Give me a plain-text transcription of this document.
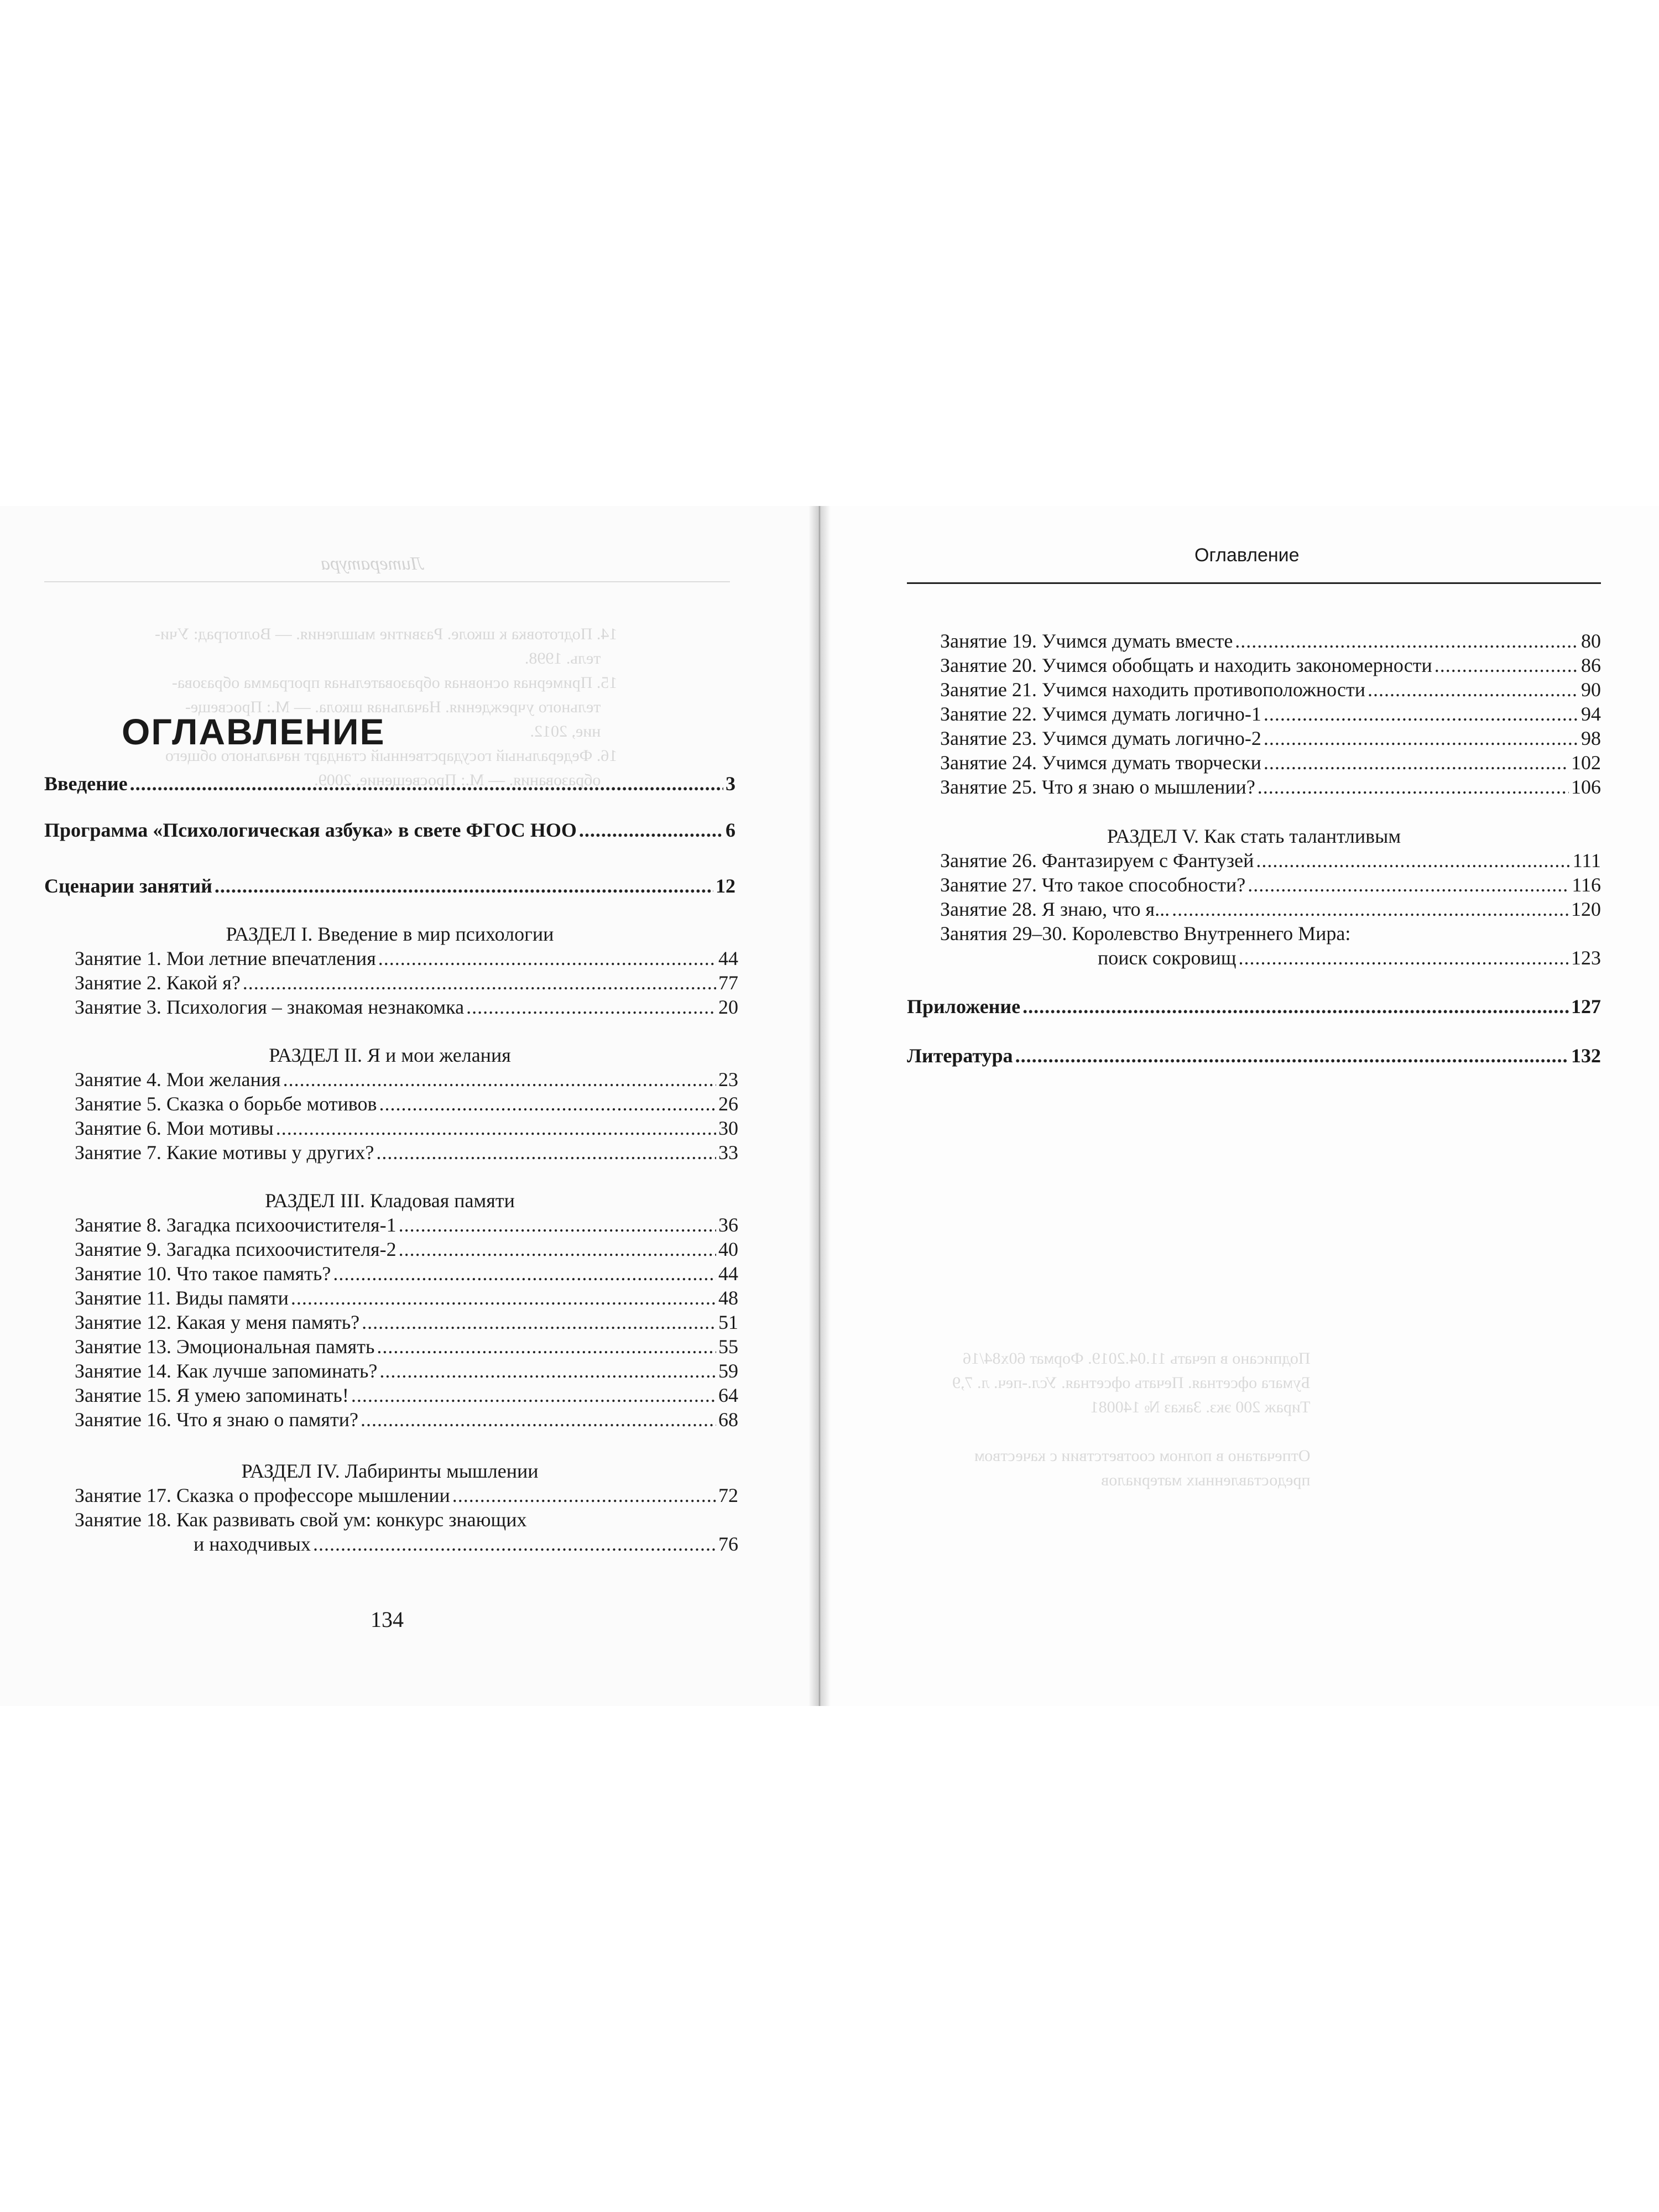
Литература
14. Подготовка к школе. Развитие мышления. — Волгоград: Учи-
тель. 1998.
15. Примерная основная образовательная программа образова-
тельного учреждения. Начальная школа. — М.: Просвеще-
ние, 2012.
16. Федеральный государственный стандарт начального общего
образования. — М.: Просвещение, 2009.
ОГЛАВЛЕНИЕ
Введение .....	3
Программа «Психологическая азбука» в свете ФГОС НОО .....	6
Сценарии занятий .....	12
РАЗДЕЛ I. Введение в мир психологии
Занятие 1. Мои летние впечатления .....	44
Занятие 2. Какой я? .....	77
Занятие 3. Психология – знакомая незнакомка .....	20
РАЗДЕЛ II. Я и мои желания
Занятие 4. Мои желания .....	23
Занятие 5. Сказка о борьбе мотивов .....	26
Занятие 6. Мои мотивы .....	30
Занятие 7. Какие мотивы у других? .....	33
РАЗДЕЛ III. Кладовая памяти
Занятие 8. Загадка психоочистителя-1 .....	36
Занятие 9. Загадка психоочистителя-2 .....	40
Занятие 10. Что такое память? .....	44
Занятие 11. Виды памяти .....	48
Занятие 12. Какая у меня память? .....	51
Занятие 13. Эмоциональная память .....	55
Занятие 14. Как лучше запоминать? .....	59
Занятие 15. Я умею запоминать! .....	64
Занятие 16. Что я знаю о памяти? .....	68
РАЗДЕЛ IV. Лабиринты мышлении
Занятие 17. Сказка о профессоре мышлении .....	72
Занятие 18. Как развивать свой ум: конкурс знающих
и находчивых .....	76
134
Подписано в печать 11.04.2019. Формат 60x84/16
Бумага офсетная. Печать офсетная. Усл.-печ. л. 7,9
Тираж 200 экз. Заказ № 140081

Отпечатано в полном соответствии с качеством
предоставленных материалов
Оглавление
Занятие 19. Учимся думать вместе .....	80
Занятие 20. Учимся обобщать и находить закономерности .....	86
Занятие 21. Учимся находить противоположности .....	90
Занятие 22. Учимся думать логично-1 .....	94
Занятие 23. Учимся думать логично-2 .....	98
Занятие 24. Учимся думать творчески .....	102
Занятие 25. Что я знаю о мышлении? .....	106
РАЗДЕЛ V. Как стать талантливым
Занятие 26. Фантазируем с Фантузей .....	111
Занятие 27. Что такое способности? .....	116
Занятие 28. Я знаю, что я... .....	120
Занятия 29–30. Королевство Внутреннего Мира:
поиск сокровищ .....	123
Приложение .....	127
Литература .....	132
